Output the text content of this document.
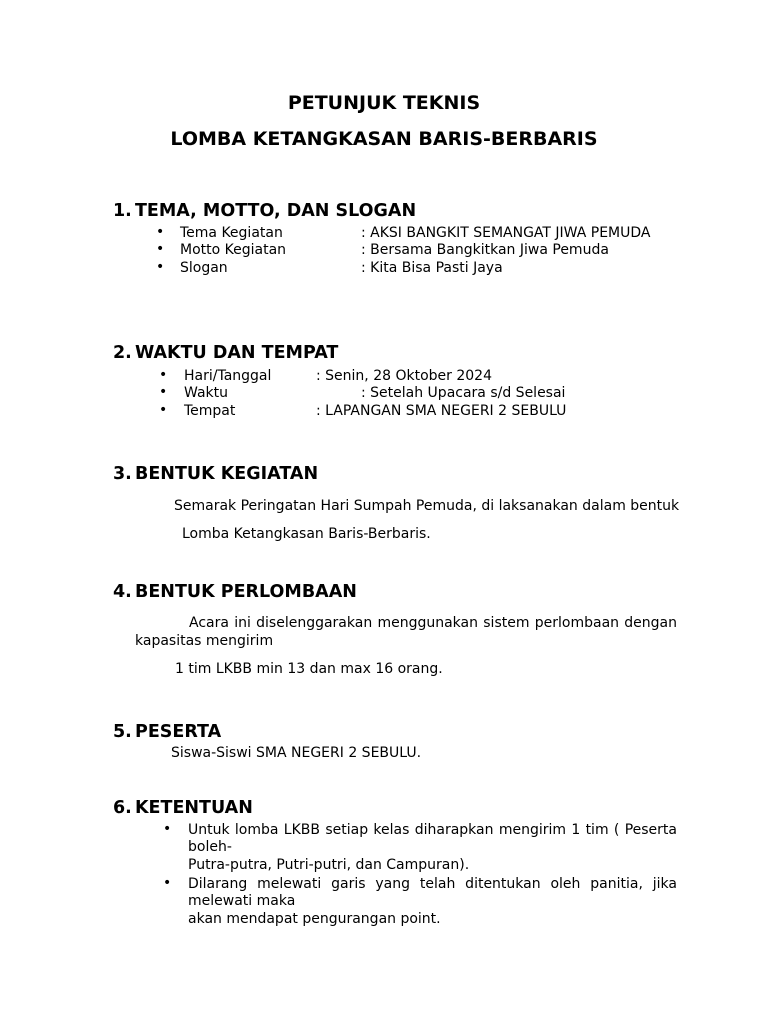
PETUNJUK TEKNIS
LOMBA KETANGKASAN BARIS-BERBARIS
1. TEMA, MOTTO, DAN SLOGAN
• Tema Kegiatan	: AKSI BANGKIT SEMANGAT JIWA PEMUDA
• Motto Kegiatan	: Bersama Bangkitkan Jiwa Pemuda
• Slogan	: Kita Bisa Pasti Jaya
2. WAKTU DAN TEMPAT
• Hari/Tanggal	: Senin, 28 Oktober 2024
• Waktu	: Setelah Upacara s/d Selesai
• Tempat	: LAPANGAN SMA NEGERI 2 SEBULU
3. BENTUK KEGIATAN
Semarak Peringatan Hari Sumpah Pemuda, di laksanakan dalam bentuk
Lomba Ketangkasan Baris-Berbaris.
4. BENTUK PERLOMBAAN
Acara ini diselenggarakan menggunakan sistem perlombaan dengan
kapasitas mengirim
1 tim LKBB min 13 dan max 16 orang.
5. PESERTA
Siswa-Siswi SMA NEGERI 2 SEBULU.
6. KETENTUAN
• Untuk lomba LKBB setiap kelas diharapkan mengirim 1 tim ( Peserta
boleh-
Putra-putra, Putri-putri, dan Campuran).
• Dilarang melewati garis yang telah ditentukan oleh panitia, jika
melewati maka
akan mendapat pengurangan point.
